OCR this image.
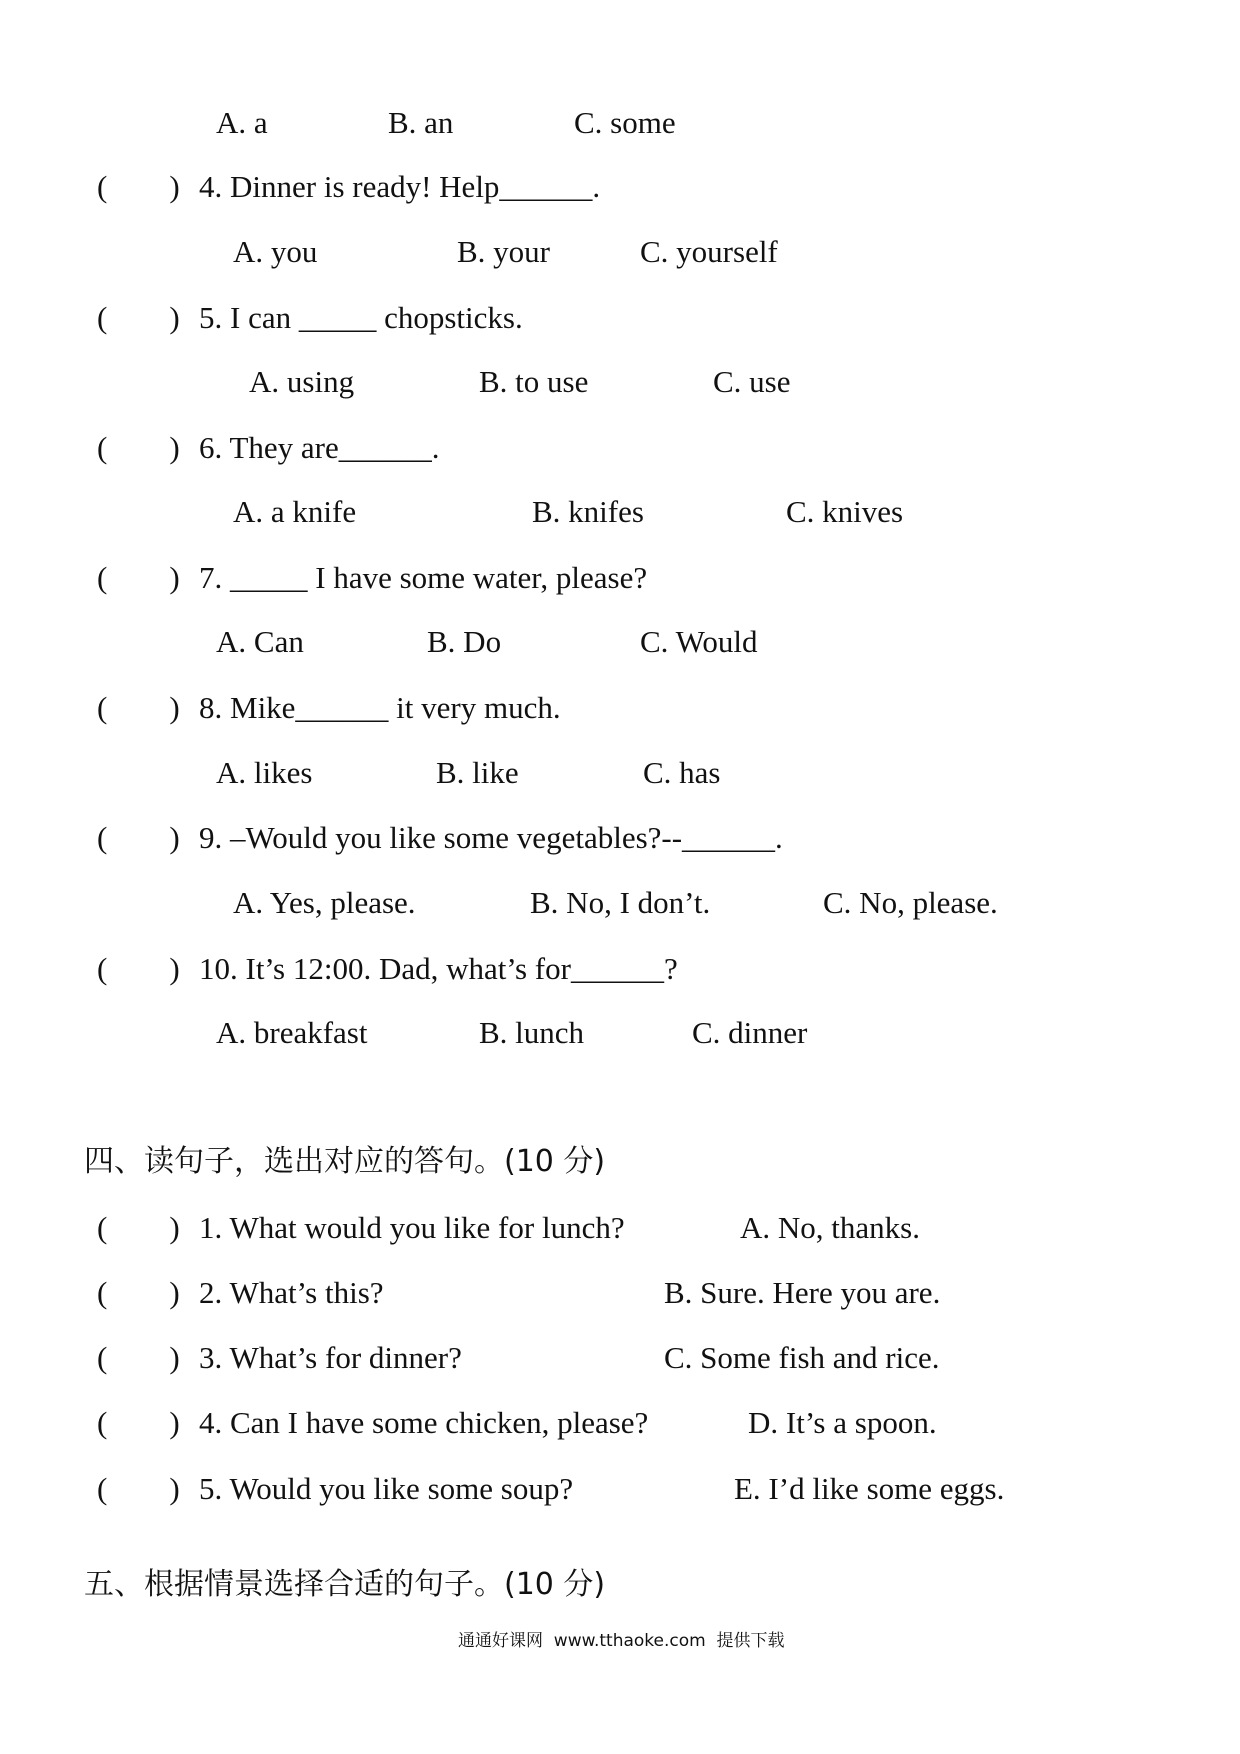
A. a	B. an	C. some
(        ) 4. Dinner is ready! Help______.
A. you	B. your	C. yourself
(        ) 5. I can _____ chopsticks.
A. using	B. to use	C. use
(        ) 6. They are______.
A. a knife	B. knifes	C. knives
(        ) 7. _____ I have some water, please?
A. Can	B. Do	C. Would
(        ) 8. Mike______ it very much.
A. likes	B. like	C. has
(        ) 9. –Would you like some vegetables?--______.
A. Yes, please.	B. No, I don’t.	C. No, please.
(        ) 10. It’s 12:00. Dad, what’s for______?
A. breakfast	B. lunch	C. dinner
四、读句子，选出对应的答句。(10 分)
(        ) 1. What would you like for lunch?	A. No, thanks.
(        ) 2. What’s this?	B. Sure. Here you are.
(        ) 3. What’s for dinner?	C. Some fish and rice.
(        ) 4. Can I have some chicken, please?	D. It’s a spoon.
(        ) 5. Would you like some soup?	E. I’d like some eggs.
五、根据情景选择合适的句子。(10 分)
通通好课网  www.tthaoke.com  提供下载
